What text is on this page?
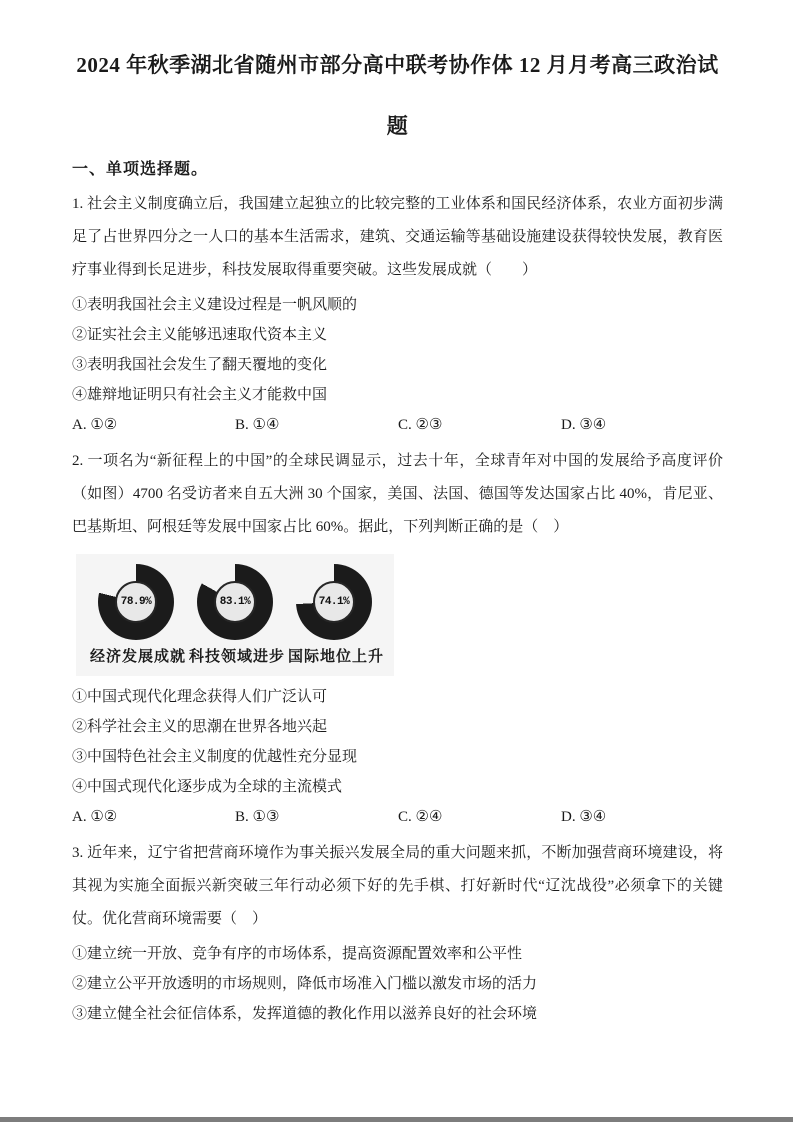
2024 年秋季湖北省随州市部分高中联考协作体 12 月月考高三政治试
题
一、单项选择题。

1. 社会主义制度确立后，我国建立起独立的比较完整的工业体系和国民经济体系，农业方面初步满足了占世界四分之一人口的基本生活需求，建筑、交通运输等基础设施建设获得较快发展，教育医疗事业得到长足进步，科技发展取得重要突破。这些发展成就（　　）

①表明我国社会主义建设过程是一帆风顺的
②证实社会主义能够迅速取代资本主义
③表明我国社会发生了翻天覆地的变化
④雄辩地证明只有社会主义才能救中国
A. ①②	B. ①④	C. ②③	D. ③④

2. 一项名为“新征程上的中国”的全球民调显示，过去十年，全球青年对中国的发展给予高度评价（如图）4700 名受访者来自五大洲 30 个国家，美国、法国、德国等发达国家占比 40%，肯尼亚、巴基斯坦、阿根廷等发展中国家占比 60%。据此，下列判断正确的是（　）

78.9%
经济发展成就
83.1%
科技领域进步
74.1%
国际地位上升
①中国式现代化理念获得人们广泛认可
②科学社会主义的思潮在世界各地兴起
③中国特色社会主义制度的优越性充分显现
④中国式现代化逐步成为全球的主流模式
A. ①②	B. ①③	C. ②④	D. ③④

3. 近年来，辽宁省把营商环境作为事关振兴发展全局的重大问题来抓，不断加强营商环境建设，将其视为实施全面振兴新突破三年行动必须下好的先手棋、打好新时代“辽沈战役”必须拿下的关键仗。优化营商环境需要（　）

①建立统一开放、竞争有序的市场体系，提高资源配置效率和公平性
②建立公平开放透明的市场规则，降低市场准入门槛以激发市场的活力
③建立健全社会征信体系，发挥道德的教化作用以滋养良好的社会环境
